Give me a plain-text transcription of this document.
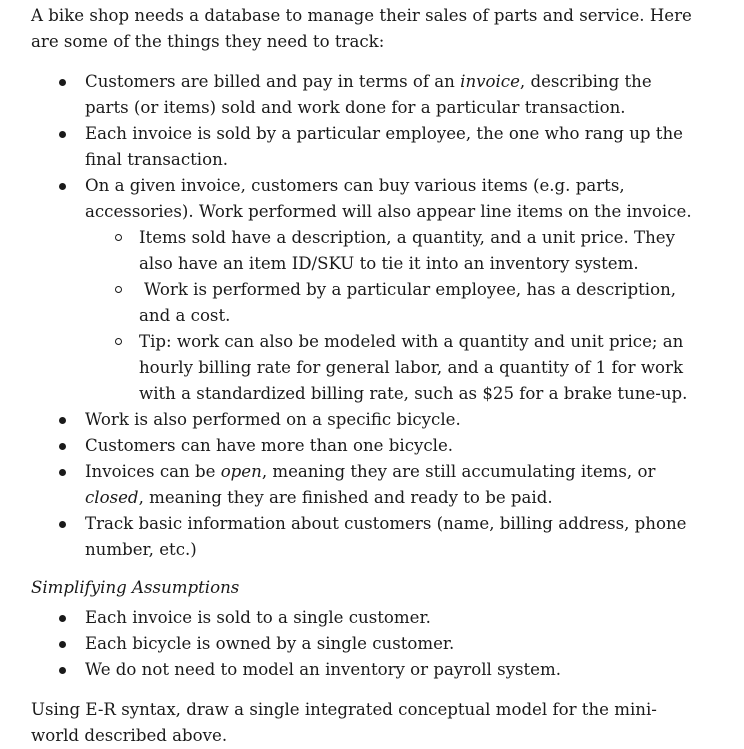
A bike shop needs a database to manage their sales of parts and service. Here are some of the things they need to track:

Customers are billed and pay in terms of an invoice, describing the parts (or items) sold and work done for a particular transaction.
Each invoice is sold by a particular employee, the one who rang up the final transaction.
On a given invoice, customers can buy various items (e.g. parts, accessories). Work performed will also appear line items on the invoice.
Items sold have a description, a quantity, and a unit price. They also have an item ID/SKU to tie it into an inventory system.
Work is performed by a particular employee, has a description, and a cost.
Tip: work can also be modeled with a quantity and unit price; an hourly billing rate for general labor, and a quantity of 1 for work with a standardized billing rate, such as $25 for a brake tune-up.
Work is also performed on a specific bicycle.
Customers can have more than one bicycle.
Invoices can be open, meaning they are still accumulating items, or closed, meaning they are finished and ready to be paid.
Track basic information about customers (name, billing address, phone number, etc.)

Simplifying Assumptions

Each invoice is sold to a single customer.
Each bicycle is owned by a single customer.
We do not need to model an inventory or payroll system.

Using E-R syntax, draw a single integrated conceptual model for the mini-world described above.
